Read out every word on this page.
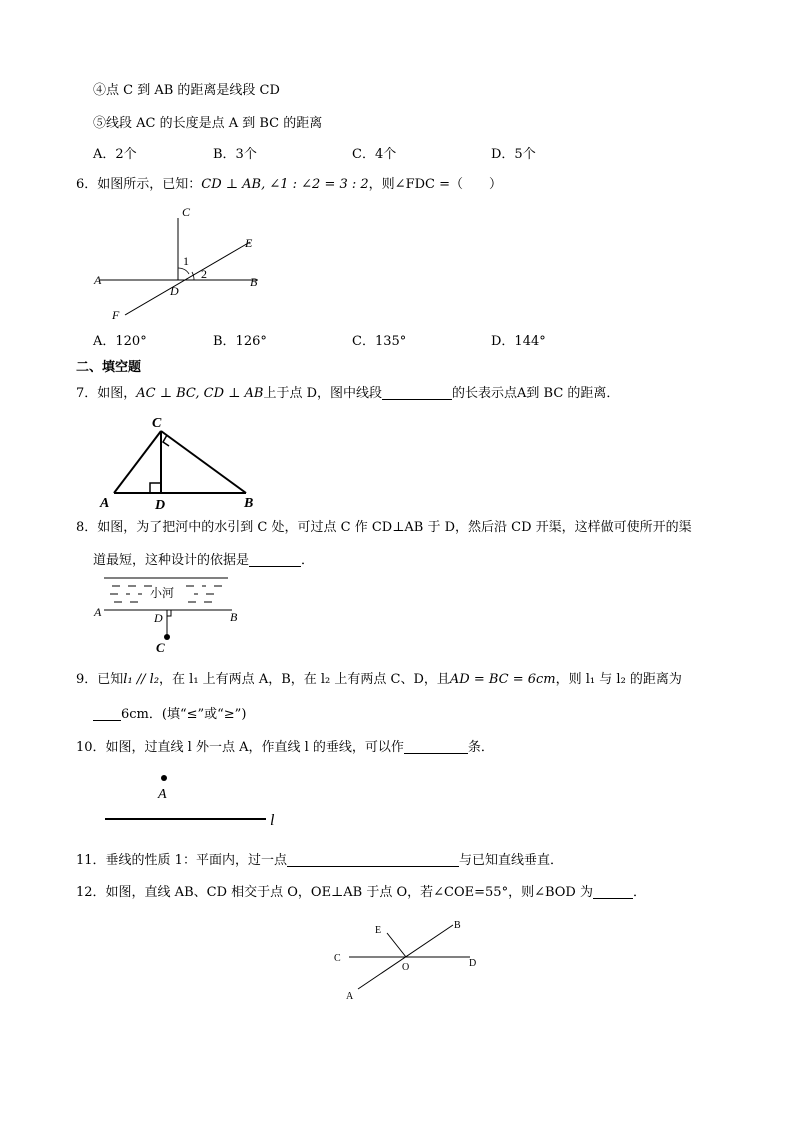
④点 C 到 AB 的距离是线段 CD
⑤线段 AC 的长度是点 A 到 BC 的距离
A．2个	B．3个	C．4个	D．5个
6．如图所示，已知：CD ⊥ AB, ∠1 : ∠2 = 3 : 2，则∠FDC =（　　）
C
E
A	B
D
F
1
2
A．120°	B．126°	C．135°	D．144°
二、填空题
7．如图，AC ⊥ BC, CD ⊥ AB上于点 D，图中线段	的长表示点A到 BC 的距离．
A	B
C
D
8．如图，为了把河中的水引到 C 处，可过点 C 作 CD⊥AB 于 D，然后沿 CD 开渠，这样做可使所开的渠
道最短，这种设计的依据是	．
小河
A	B
D
C
9．已知l₁ // l₂，在 l₁ 上有两点 A，B，在 l₂ 上有两点 C、D，且AD = BC = 6cm，则 l₁ 与 l₂ 的距离为
6cm．(填“≤”或“≥”)
10．如图，过直线 l 外一点 A，作直线 l 的垂线，可以作	条．
A
l
11．垂线的性质 1：平面内，过一点	与已知直线垂直．
12．如图，直线 AB、CD 相交于点 O，OE⊥AB 于点 O，若∠COE=55°，则∠BOD 为	．
E	B
C
O	D
A
